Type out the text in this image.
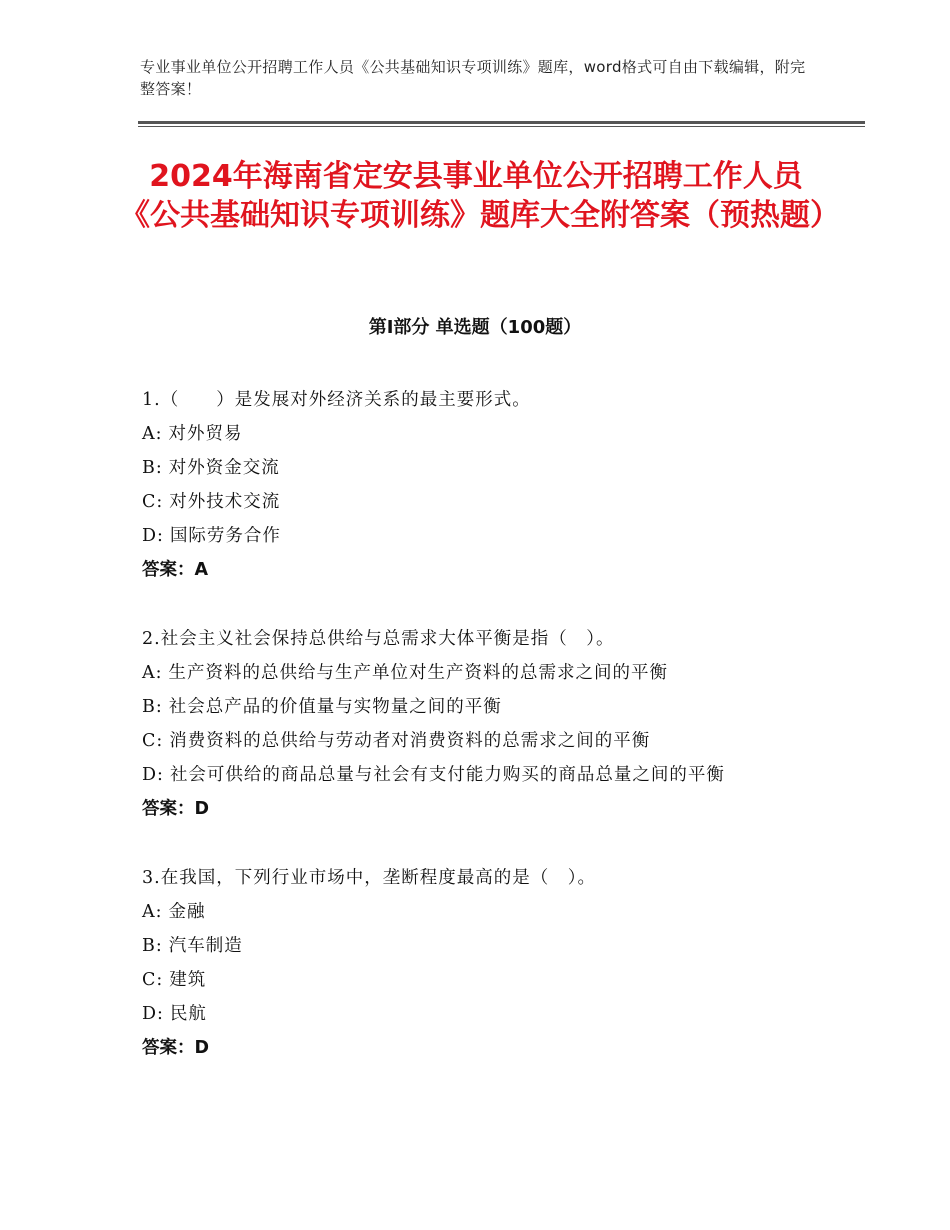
专业事业单位公开招聘工作人员《公共基础知识专项训练》题库，word格式可自由下载编辑，附完整答案！
2024年海南省定安县事业单位公开招聘工作人员《公共基础知识专项训练》题库大全附答案（预热题）
第Ⅰ部分 单选题（100题）
1.（　　）是发展对外经济关系的最主要形式。
A: 对外贸易
B: 对外资金交流
C: 对外技术交流
D: 国际劳务合作
答案：A
2.社会主义社会保持总供给与总需求大体平衡是指（　）。
A: 生产资料的总供给与生产单位对生产资料的总需求之间的平衡
B: 社会总产品的价值量与实物量之间的平衡
C: 消费资料的总供给与劳动者对消费资料的总需求之间的平衡
D: 社会可供给的商品总量与社会有支付能力购买的商品总量之间的平衡
答案：D
3.在我国，下列行业市场中，垄断程度最高的是（　）。
A: 金融
B: 汽车制造
C: 建筑
D: 民航
答案：D
